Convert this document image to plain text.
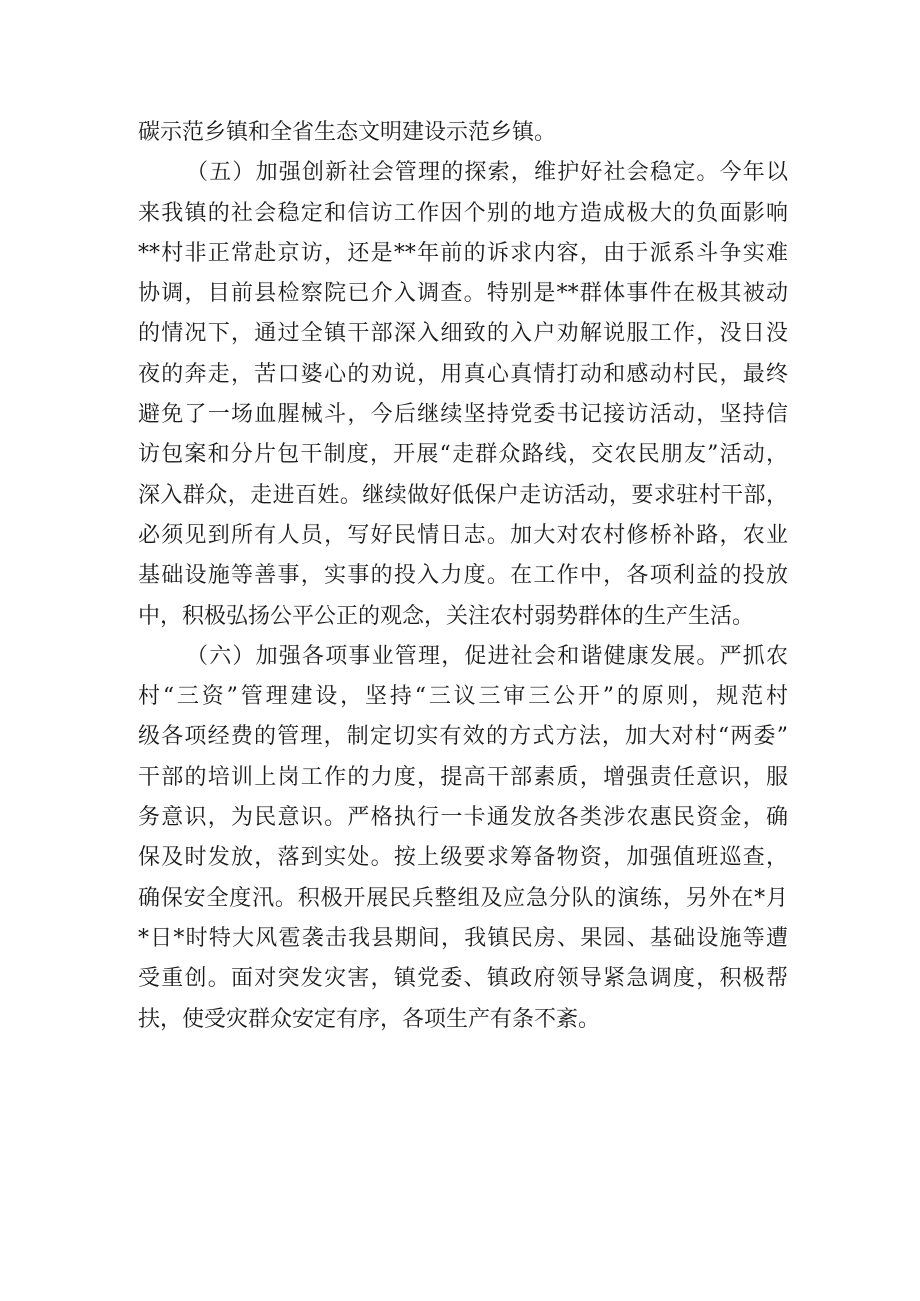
碳示范乡镇和全省生态文明建设示范乡镇。
（五）加强创新社会管理的探索，维护好社会稳定。今年以
来我镇的社会稳定和信访工作因个别的地方造成极大的负面影响
**村非正常赴京访，还是**年前的诉求内容，由于派系斗争实难
协调，目前县检察院已介入调查。特别是**群体事件在极其被动
的情况下，通过全镇干部深入细致的入户劝解说服工作，没日没
夜的奔走，苦口婆心的劝说，用真心真情打动和感动村民，最终
避免了一场血腥械斗，今后继续坚持党委书记接访活动，坚持信
访包案和分片包干制度，开展“走群众路线，交农民朋友”活动，
深入群众，走进百姓。继续做好低保户走访活动，要求驻村干部，
必须见到所有人员，写好民情日志。加大对农村修桥补路，农业
基础设施等善事，实事的投入力度。在工作中，各项利益的投放
中，积极弘扬公平公正的观念，关注农村弱势群体的生产生活。
（六）加强各项事业管理，促进社会和谐健康发展。严抓农
村“三资”管理建设，坚持“三议三审三公开”的原则，规范村
级各项经费的管理，制定切实有效的方式方法，加大对村“两委”
干部的培训上岗工作的力度，提高干部素质，增强责任意识，服
务意识，为民意识。严格执行一卡通发放各类涉农惠民资金，确
保及时发放，落到实处。按上级要求筹备物资，加强值班巡查，
确保安全度汛。积极开展民兵整组及应急分队的演练，另外在*月
*日*时特大风雹袭击我县期间，我镇民房、果园、基础设施等遭
受重创。面对突发灾害，镇党委、镇政府领导紧急调度，积极帮
扶，使受灾群众安定有序，各项生产有条不紊。
